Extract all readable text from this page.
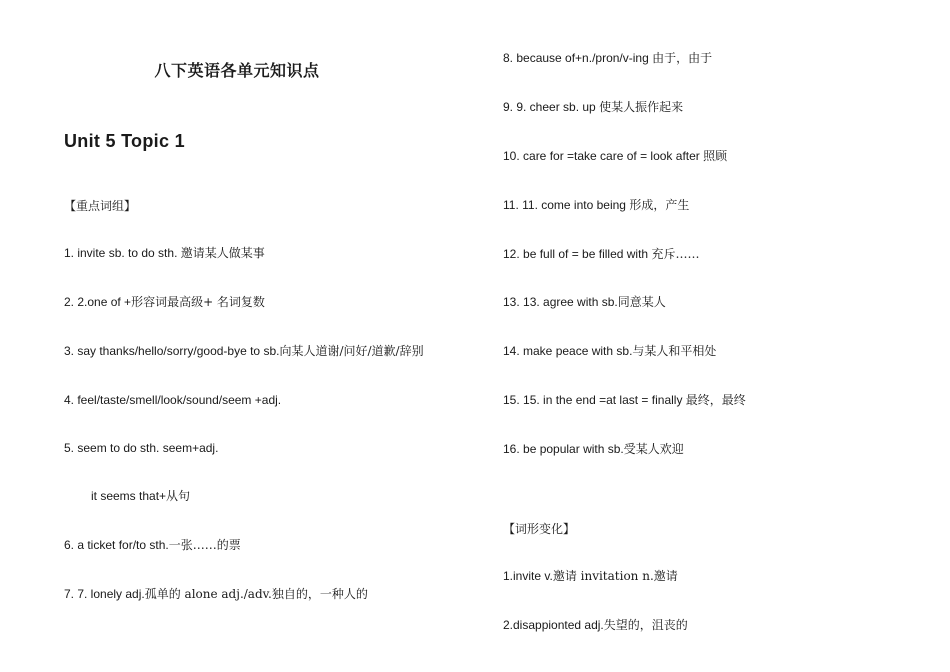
八下英语各单元知识点
Unit 5 Topic 1
【重点词组】
1. invite sb. to do sth. 邀请某人做某事
2. 2.one of +形容词最高级+ 名词复数
3. say thanks/hello/sorry/good-bye to sb.向某人道谢/问好/道歉/辞别
4. feel/taste/smell/look/sound/seem +adj.
5. seem to do sth. seem+adj.
it seems that+从句
6. a ticket for/to sth.一张……的票
7. 7. lonely adj.孤单的 alone adj./adv.独自的，一种人的
8. because of+n./pron/v-ing 由于，由于
9. 9. cheer sb. up 使某人振作起来
10. care for =take care of = look after 照顾
11. 11. come into being 形成，产生
12. be full of = be filled with 充斥……
13. 13. agree with sb.同意某人
14. make peace with sb.与某人和平相处
15. 15. in the end =at last = finally 最终，最终
16. be popular with sb.受某人欢迎
【词形变化】
1.invite v.邀请 invitation n.邀请
2.disappionted adj.失望的，沮丧的
